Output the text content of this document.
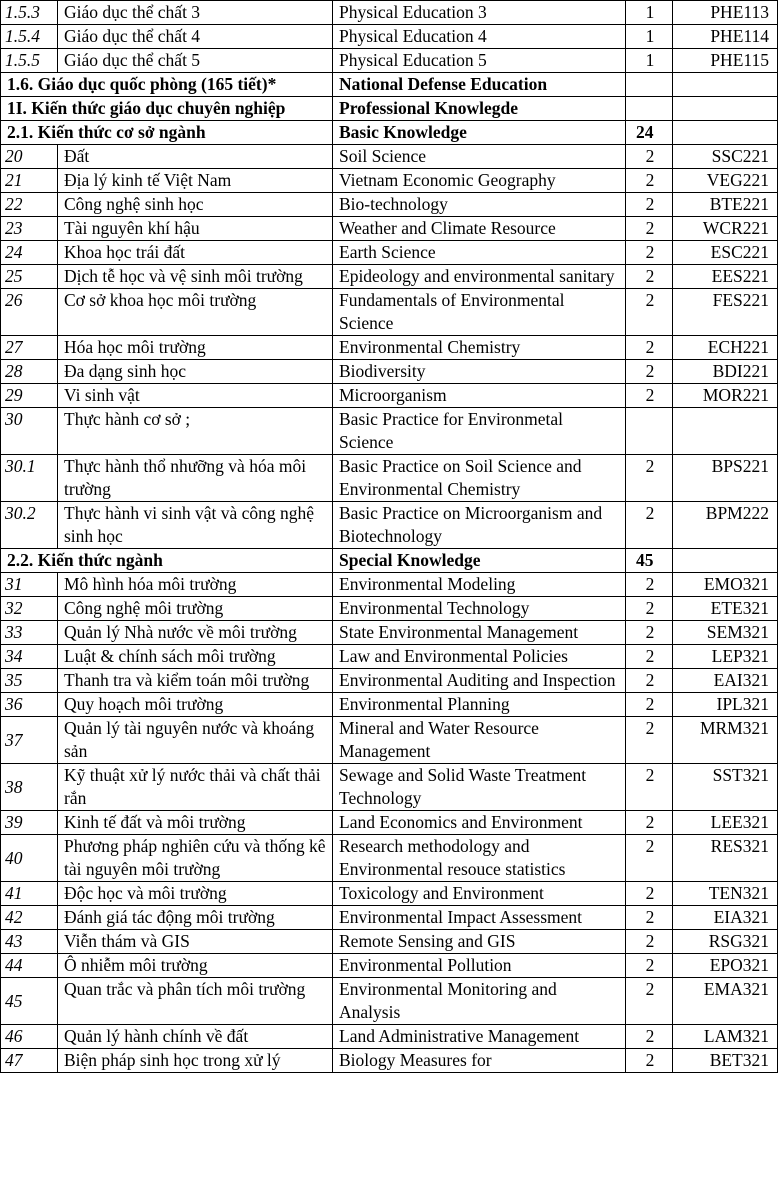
1.5.3	Giáo dục thể chất 3	Physical Education 3	1	PHE113
1.5.4	Giáo dục thể chất 4	Physical Education 4	1	PHE114
1.5.5	Giáo dục thể chất 5	Physical Education 5	1	PHE115
1.6. Giáo dục quốc phòng (165 tiết)*		National Defense Education		
1I. Kiến thức giáo dục chuyên nghiệp		Professional Knowlegde		
2.1. Kiến thức cơ sở ngành		Basic Knowledge	24	
20	Đất	Soil Science	2	SSC221
21	Địa lý kinh tế Việt Nam	Vietnam Economic Geography	2	VEG221
22	Công nghệ sinh học	Bio-technology	2	BTE221
23	Tài nguyên khí hậu	Weather and Climate Resource	2	WCR221
24	Khoa học trái đất	Earth Science	2	ESC221
25	Dịch tễ học và vệ sinh môi trường	Epideology and environmental sanitary	2	EES221
26	Cơ sở khoa học môi trường	Fundamentals of Environmental Science	2	FES221
27	Hóa học môi trường	Environmental Chemistry	2	ECH221
28	Đa dạng sinh học	Biodiversity	2	BDI221
29	Vi sinh vật	Microorganism	2	MOR221
30	Thực hành cơ sở ;	Basic Practice for Environmetal Science		
30.1	Thực hành thổ nhưỡng và hóa môi trường	Basic Practice on Soil Science and Environmental Chemistry	2	BPS221
30.2	Thực hành vi sinh vật và công nghệ sinh học	Basic Practice on Microorganism and Biotechnology	2	BPM222
2.2. Kiến thức ngành		Special Knowledge	45	
31	Mô hình hóa môi trường	Environmental Modeling	2	EMO321
32	Công nghệ môi trường	Environmental Technology	2	ETE321
33	Quản lý Nhà nước về môi trường	State Environmental Management	2	SEM321
34	Luật & chính sách môi trường	Law and Environmental Policies	2	LEP321
35	Thanh tra và kiểm toán môi trường	Environmental Auditing and Inspection	2	EAI321
36	Quy hoạch môi trường	Environmental Planning	2	IPL321
37	Quản lý tài nguyên nước và khoáng sản	Mineral and Water Resource Management	2	MRM321
38	Kỹ thuật xử lý nước thải và chất thải rắn	Sewage and Solid Waste Treatment Technology	2	SST321
39	Kinh tế đất và môi trường	Land Economics and Environment	2	LEE321
40	Phương pháp nghiên cứu và thống kê tài nguyên môi trường	Research methodology and Environmental resouce statistics	2	RES321
41	Độc học và môi trường	Toxicology and Environment	2	TEN321
42	Đánh giá tác động môi trường	Environmental Impact Assessment	2	EIA321
43	Viễn thám và GIS	Remote Sensing and GIS	2	RSG321
44	Ô nhiễm môi trường	Environmental Pollution	2	EPO321
45	Quan trắc và phân tích môi trường	Environmental Monitoring and Analysis	2	EMA321
46	Quản lý hành chính về đất	Land Administrative Management	2	LAM321
47	Biện pháp sinh học trong xử lý	Biology Measures for	2	BET321
